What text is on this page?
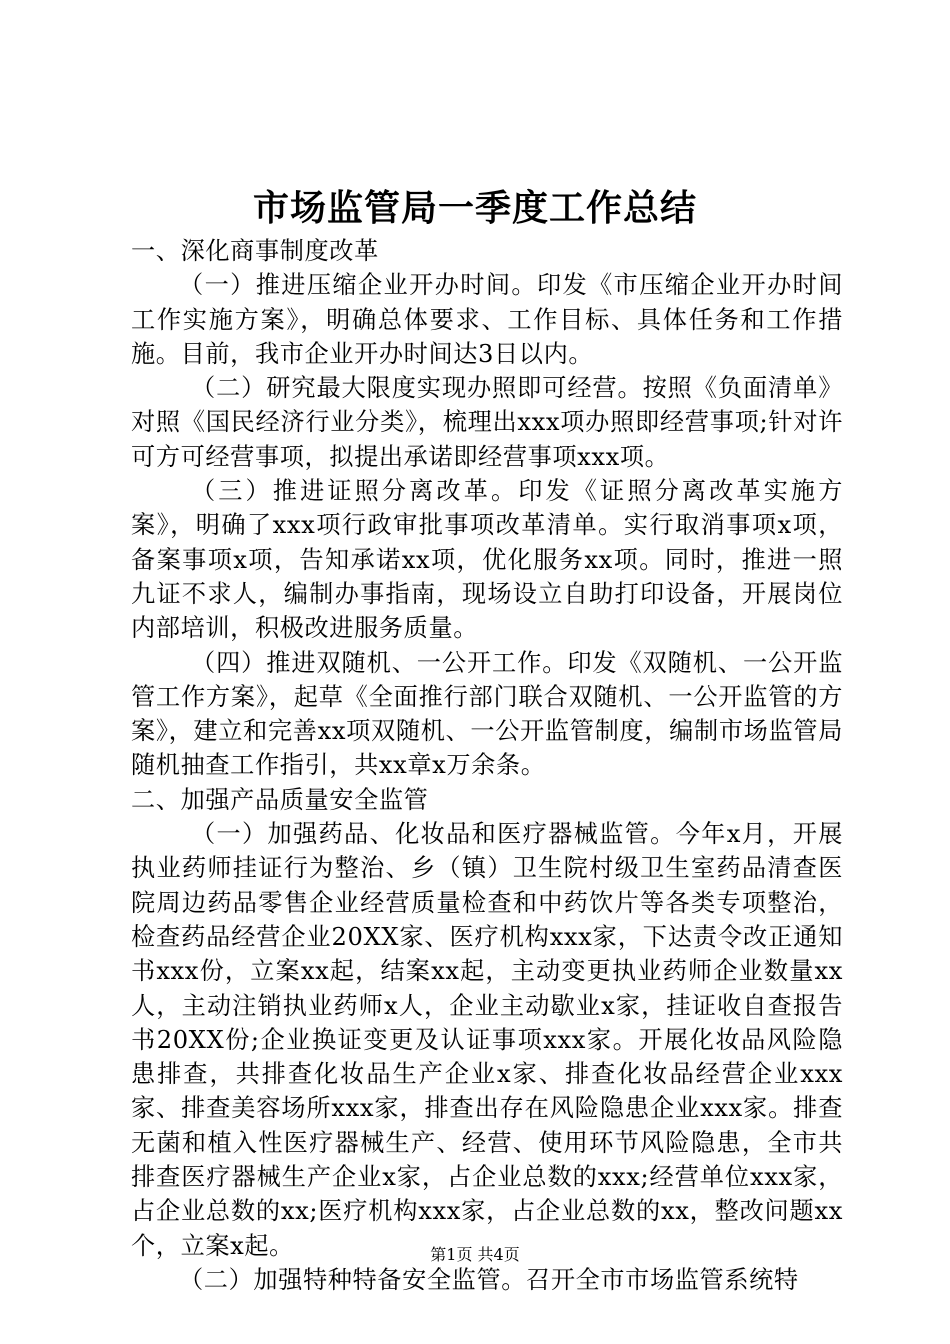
市场监管局一季度工作总结

一、深化商事制度改革

（一）推进压缩企业开办时间。印发《市压缩企业开办时间工作实施方案》，明确总体要求、工作目标、具体任务和工作措施。目前，我市企业开办时间达3日以内。

（二）研究最大限度实现办照即可经营。按照《负面清单》对照《国民经济行业分类》，梳理出xxx项办照即经营事项;针对许可方可经营事项，拟提出承诺即经营事项xxx项。

（三）推进证照分离改革。印发《证照分离改革实施方案》，明确了xxx项行政审批事项改革清单。实行取消事项x项，备案事项x项，告知承诺xx项，优化服务xx项。同时，推进一照九证不求人，编制办事指南，现场设立自助打印设备，开展岗位内部培训，积极改进服务质量。

（四）推进双随机、一公开工作。印发《双随机、一公开监管工作方案》，起草《全面推行部门联合双随机、一公开监管的方案》，建立和完善xx项双随机、一公开监管制度，编制市场监管局随机抽查工作指引，共xx章x万余条。

二、加强产品质量安全监管

（一）加强药品、化妆品和医疗器械监管。今年x月，开展执业药师挂证行为整治、乡（镇）卫生院村级卫生室药品清查医院周边药品零售企业经营质量检查和中药饮片等各类专项整治，检查药品经营企业20XX家、医疗机构xxx家，下达责令改正通知书xxx份，立案xx起，结案xx起，主动变更执业药师企业数量xx人，主动注销执业药师x人，企业主动歇业x家，挂证收自查报告书20XX份;企业换证变更及认证事项xxx家。开展化妆品风险隐患排查，共排查化妆品生产企业x家、排查化妆品经营企业xxx家、排查美容场所xxx家，排查出存在风险隐患企业xxx家。排查无菌和植入性医疗器械生产、经营、使用环节风险隐患，全市共排查医疗器械生产企业x家，占企业总数的xxx;经营单位xxx家，占企业总数的xx;医疗机构xxx家，占企业总数的xx，整改问题xx个，立案x起。

（二）加强特种特备安全监管。召开全市市场监管系统特

第1页 共4页
